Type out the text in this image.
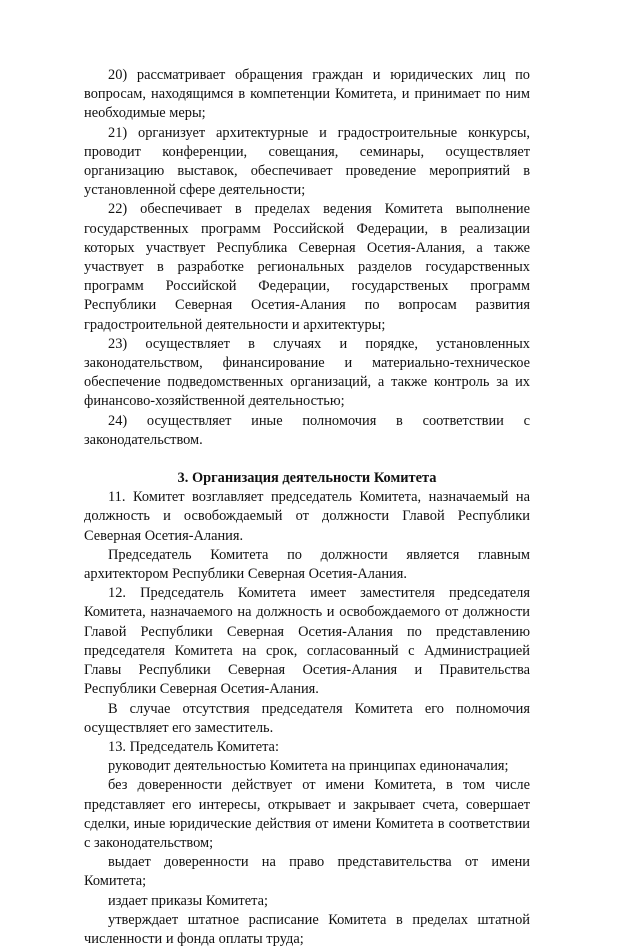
20) рассматривает обращения граждан и юридических лиц по вопросам, находящимся в компетенции Комитета, и принимает по ним необходимые меры;

21) организует архитектурные и градостроительные конкурсы, проводит конференции, совещания, семинары, осуществляет организацию выставок, обеспечивает проведение мероприятий в установленной сфере деятельности;

22) обеспечивает в пределах ведения Комитета выполнение государственных программ Российской Федерации, в реализации которых участвует Республика Северная Осетия-Алания, а также участвует в разработке региональных разделов государственных программ Российской Федерации, государственых программ Республики Северная Осетия-Алания по вопросам развития градостроительной деятельности и архитектуры;

23) осуществляет в случаях и порядке, установленных законодательством, финансирование и материально-техническое обеспечение подведомственных организаций, а также контроль за их финансово-хозяйственной деятельностью;

24) осуществляет иные полномочия в соответствии с законодательством.

3. Организация деятельности Комитета

11. Комитет возглавляет председатель Комитета, назначаемый на должность и освобождаемый от должности Главой Республики Северная Осетия-Алания.

Председатель Комитета по должности является главным архитектором Республики Северная Осетия-Алания.

12. Председатель Комитета имеет заместителя председателя Комитета, назначаемого на должность и освобождаемого от должности Главой Республики Северная Осетия-Алания по представлению председателя Комитета на срок, согласованный с Администрацией Главы Республики Северная Осетия-Алания и Правительства Республики Северная Осетия-Алания.

В случае отсутствия председателя Комитета его полномочия осуществляет его заместитель.

13. Председатель Комитета:

руководит деятельностью Комитета на принципах единоначалия;

без доверенности действует от имени Комитета, в том числе представляет его интересы, открывает и закрывает счета, совершает сделки, иные юридические действия от имени Комитета в соответствии с законодательством;

выдает доверенности на право представительства от имени Комитета;

издает приказы Комитета;

утверждает штатное расписание Комитета в пределах штатной численности и фонда оплаты труда;
